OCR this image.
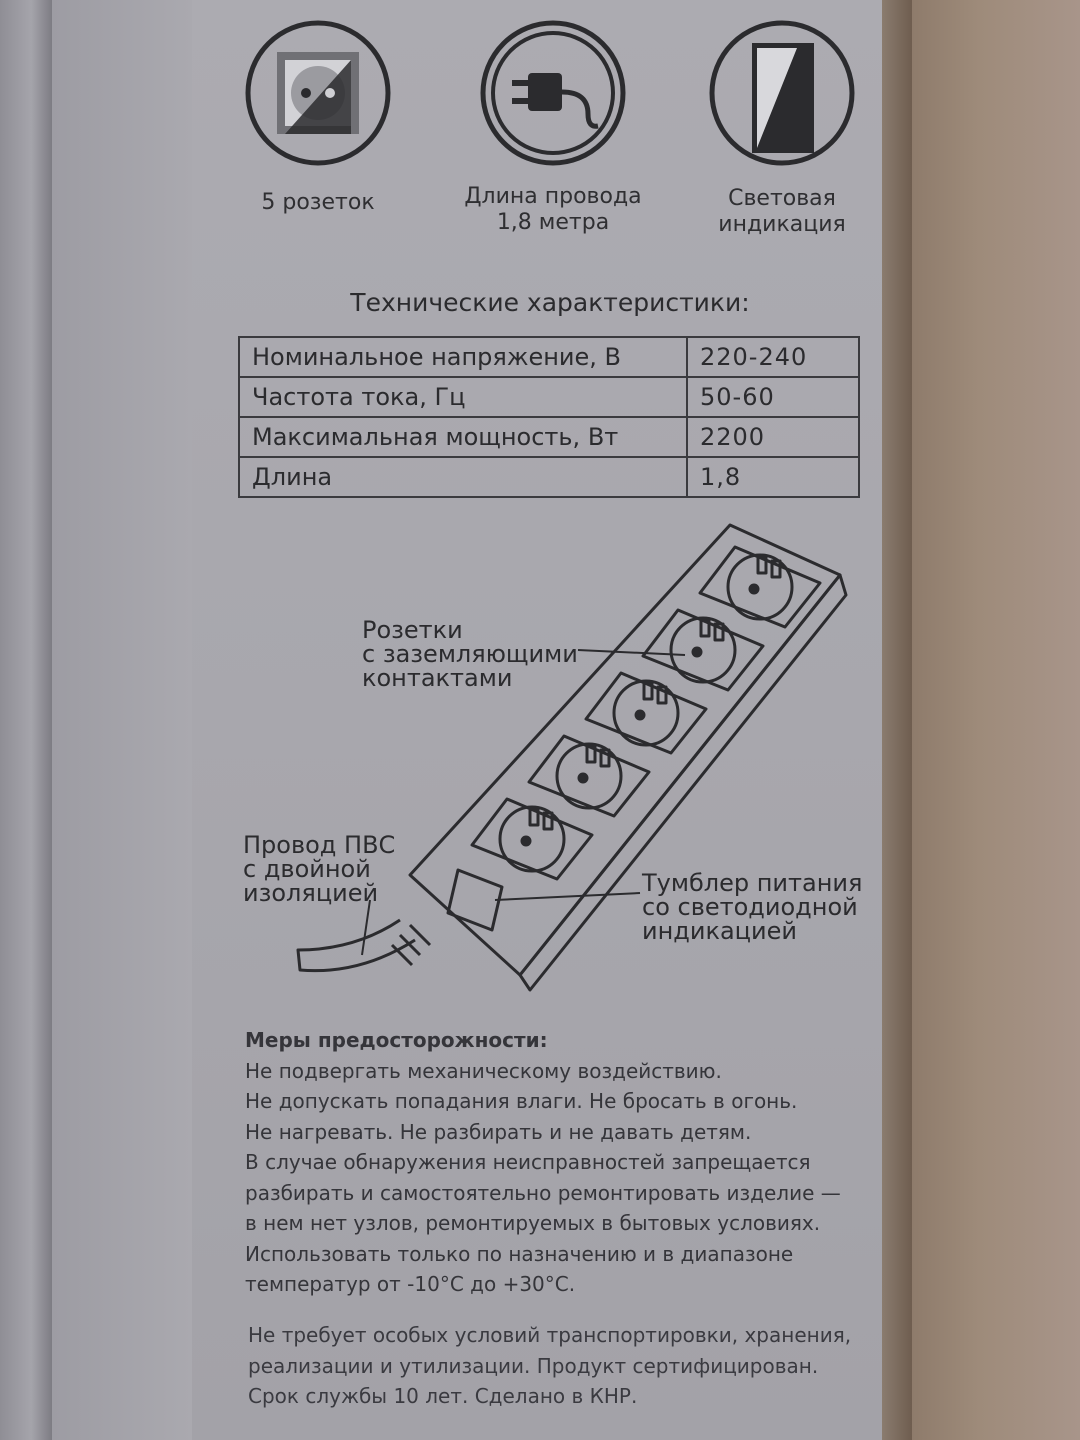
5 розеток	Длина провода
1,8 метра
Световая
индикация
Технические характеристики:
Номинальное напряжение, В	220-240
Частота тока, Гц	50-60
Максимальная мощность, Вт	2200
Длина	1,8
Розетки
с заземляющими
контактами
Провод ПВС
с двойной
изоляцией	Тумблер питания
со светодиодной
индикацией
Меры предосторожности:
Не подвергать механическому воздействию.
Не допускать попадания влаги. Не бросать в огонь.
Не нагревать. Не разбирать и не давать детям.
В случае обнаружения неисправностей запрещается
разбирать и самостоятельно ремонтировать изделие —
в нем нет узлов, ремонтируемых в бытовых условиях.
Использовать только по назначению и в диапазоне
температур от -10°С до +30°С.
Не требует особых условий транспортировки, хранения,
реализации и утилизации. Продукт сертифицирован.
Срок службы 10 лет. Сделано в КНР.
